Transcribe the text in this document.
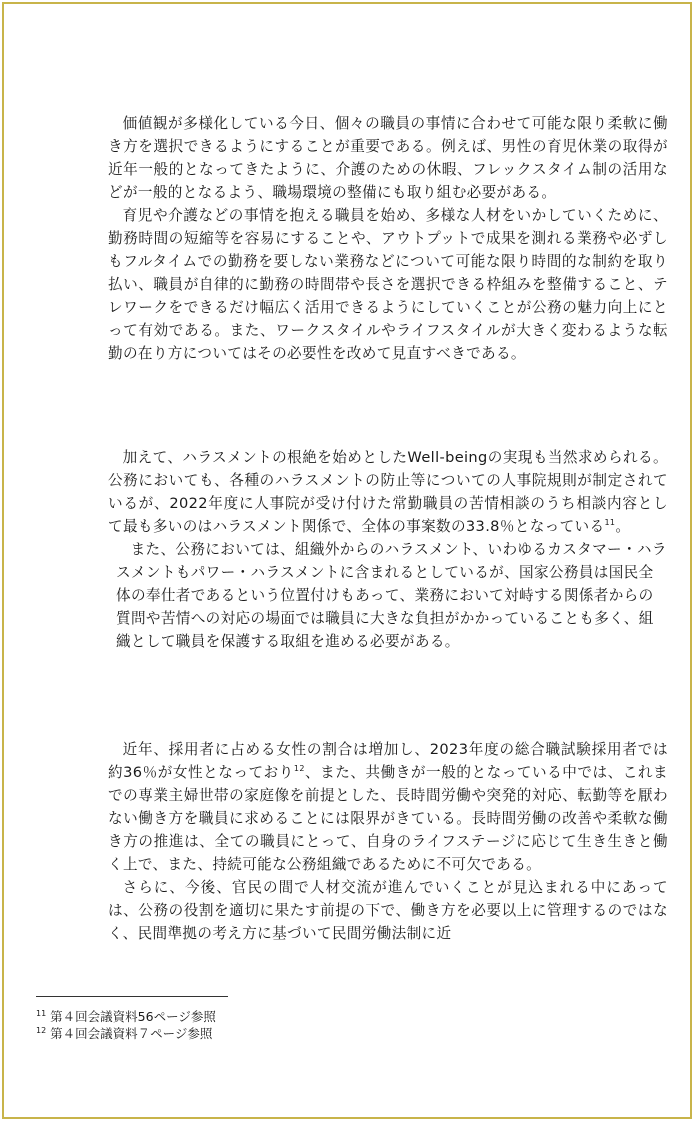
価値観が多様化している今日、個々の職員の事情に合わせて可能な限り柔軟に働き方を選択できるようにすることが重要である。例えば、男性の育児休業の取得が近年一般的となってきたように、介護のための休暇、フレックスタイム制の活用などが一般的となるよう、職場環境の整備にも取り組む必要がある。

育児や介護などの事情を抱える職員を始め、多様な人材をいかしていくために、勤務時間の短縮等を容易にすることや、アウトプットで成果を測れる業務や必ずしもフルタイムでの勤務を要しない業務などについて可能な限り時間的な制約を取り払い、職員が自律的に勤務の時間帯や長さを選択できる枠組みを整備すること、テレワークをできるだけ幅広く活用できるようにしていくことが公務の魅力向上にとって有効である。また、ワークスタイルやライフスタイルが大きく変わるような転勤の在り方についてはその必要性を改めて見直すべきである。

加えて、ハラスメントの根絶を始めとしたWell-beingの実現も当然求められる。公務においても、各種のハラスメントの防止等についての人事院規則が制定されているが、2022年度に人事院が受け付けた常勤職員の苦情相談のうち相談内容として最も多いのはハラスメント関係で、全体の事案数の33.8％となっている$^{11}$。

また、公務においては、組織外からのハラスメント、いわゆるカスタマー・ハラスメントもパワー・ハラスメントに含まれるとしているが、国家公務員は国民全体の奉仕者であるという位置付けもあって、業務において対峙する関係者からの質問や苦情への対応の場面では職員に大きな負担がかかっていることも多く、組織として職員を保護する取組を進める必要がある。

近年、採用者に占める女性の割合は増加し、2023年度の総合職試験採用者では約36％が女性となっており$^{12}$、また、共働きが一般的となっている中では、これまでの専業主婦世帯の家庭像を前提とした、長時間労働や突発的対応、転勤等を厭わない働き方を職員に求めることには限界がきている。長時間労働の改善や柔軟な働き方の推進は、全ての職員にとって、自身のライフステージに応じて生き生きと働く上で、また、持続可能な公務組織であるために不可欠である。

さらに、今後、官民の間で人材交流が進んでいくことが見込まれる中にあっては、公務の役割を適切に果たす前提の下で、働き方を必要以上に管理するのではなく、民間準拠の考え方に基づいて民間労働法制に近

$^{11}$ 第４回会議資料56ページ参照
$^{12}$ 第４回会議資料７ページ参照
